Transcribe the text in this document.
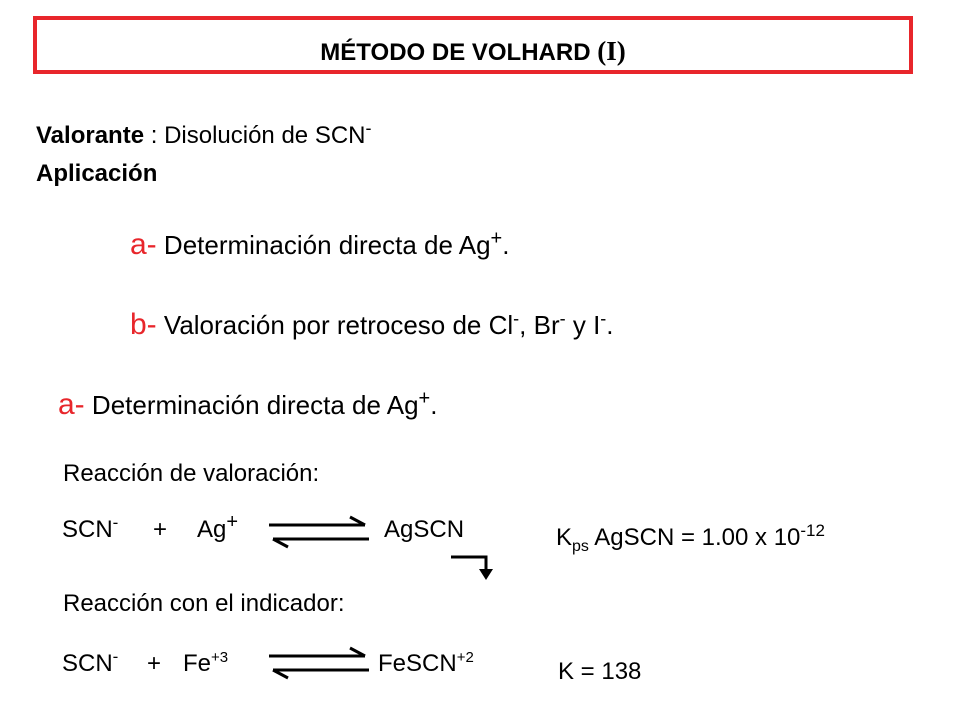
MÉTODO DE VOLHARD (I)
Valorante : Disolución de SCN-
Aplicación
a- Determinación directa de Ag+.
b- Valoración por retroceso de Cl-, Br- y I-.
a- Determinación directa de Ag+.
Reacción de valoración:
SCN- + Ag+	AgSCN	$K_{ps}$ AgSCN = 1.00 x $10^{-12}$
Reacción con el indicador:
$SCN^- + Fe^{+3}$	FeSCN$^{+2}$
K = 138
